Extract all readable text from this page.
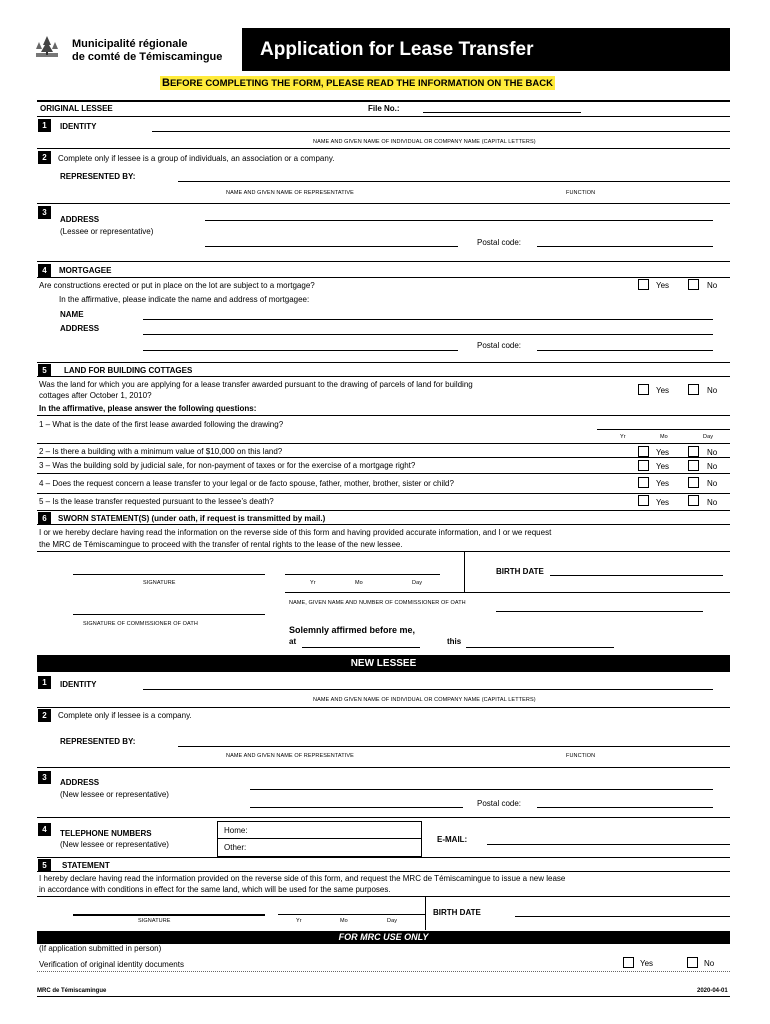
Municipalité régionale
de comté de Témiscamingue	Application for Lease Transfer
BEFORE COMPLETING THE FORM, PLEASE READ THE INFORMATION ON THE BACK
ORIGINAL LESSEE	File No.:
1	IDENTITY
NAME AND GIVEN NAME OF INDIVIDUAL OR COMPANY NAME (CAPITAL LETTERS)
2	Complete only if lessee is a group of individuals, an association or a company.
REPRESENTED BY:
NAME AND GIVEN NAME OF REPRESENTATIVE	FUNCTION
3
ADDRESS
(Lessee or representative)
Postal code:
4	MORTGAGEE
Are constructions erected or put in place on the lot are subject to a mortgage?	Yes	No
In the affirmative, please indicate the name and address of mortgagee:
NAME
ADDRESS
Postal code:
5	LAND FOR BUILDING COTTAGES
Was the land for which you are applying for a lease transfer awarded pursuant to the drawing of parcels of land for building
cottages after October 1, 2010?
Yes	No
In the affirmative, please answer the following questions:
1 – What is the date of the first lease awarded following the drawing?
Yr	Mo	Day
2 – Is there a building with a minimum value of $10,000 on this land?	Yes	No
3 – Was the building sold by judicial sale, for non-payment of taxes or for the exercise of a mortgage right?	Yes	No
4 – Does the request concern a lease transfer to your legal or de facto spouse, father, mother, brother, sister or child?	Yes	No
5 – Is the lease transfer requested pursuant to the lessee’s death?	Yes	No
6	SWORN STATEMENT(S) (under oath, if request is transmitted by mail.)
I or we hereby declare having read the information on the reverse side of this form and having provided accurate information, and I or we request
the MRC de Témiscamingue to proceed with the transfer of rental rights to the lease of the new lessee.
SIGNATURE	Yr	Mo	Day
BIRTH DATE
NAME, GIVEN NAME AND NUMBER OF COMMISSIONER OF OATH
SIGNATURE OF COMMISSIONER OF OATH
Solemnly affirmed before me,
at	this
NEW LESSEE
1	IDENTITY
NAME AND GIVEN NAME OF INDIVIDUAL OR COMPANY NAME (CAPITAL LETTERS)
2	Complete only if lessee is a company.
REPRESENTED BY:
NAME AND GIVEN NAME OF REPRESENTATIVE	FUNCTION
3
ADDRESS
(New lessee or representative)
Postal code:
4	TELEPHONE NUMBERS
(New lessee or representative)
Home:
Other:
E-MAIL:
5	STATEMENT
I hereby declare having read the information provided on the reverse side of this form, and request the MRC de Témiscamingue to issue a new lease
in accordance with conditions in effect for the same land, which will be used for the same purposes.
SIGNATURE	Yr	Mo	Day
BIRTH DATE
FOR MRC USE ONLY
(If application submitted in person)
Verification of original identity documents	Yes	No
MRC de Témiscamingue	2020-04-01
